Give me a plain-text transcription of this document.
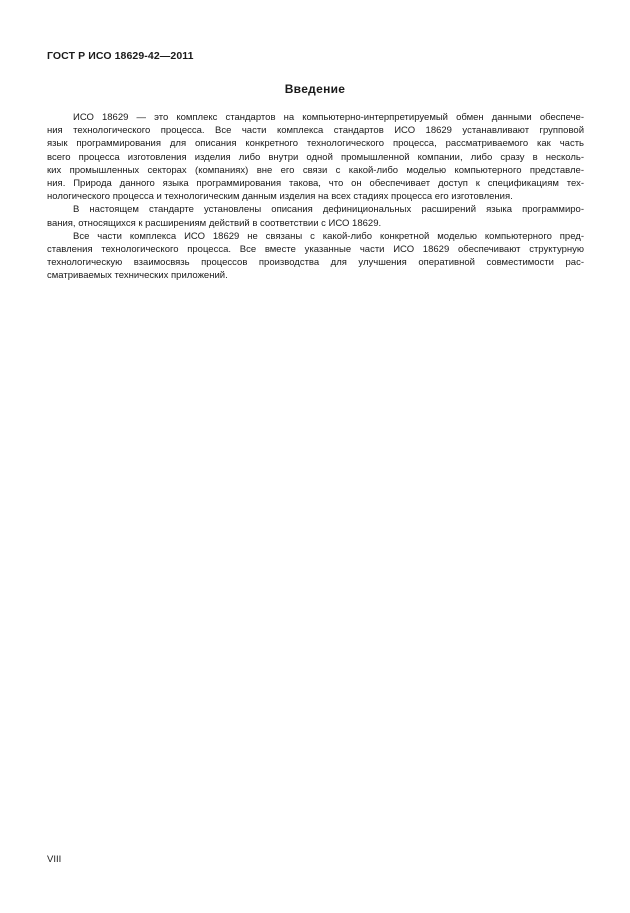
ГОСТ Р ИСО 18629-42—2011
Введение

ИСО 18629 — это комплекс стандартов на компьютерно-интерпретируемый обмен данными обеспече-
ния технологического процесса. Все части комплекса стандартов ИСО 18629 устанавливают групповой
язык программирования для описания конкретного технологического процесса, рассматриваемого как часть
всего процесса изготовления изделия либо внутри одной промышленной компании, либо сразу в несколь-
ких промышленных секторах (компаниях) вне его связи с какой-либо моделью компьютерного представле-
ния. Природа данного языка программирования такова, что он обеспечивает доступ к спецификациям тех-
нологического процесса и технологическим данным изделия на всех стадиях процесса его изготовления.

В настоящем стандарте установлены описания дефинициональных расширений языка программиро-
вания, относящихся к расширениям действий в соответствии с ИСО 18629.

Все части комплекса ИСО 18629 не связаны с какой-либо конкретной моделью компьютерного пред-
ставления технологического процесса. Все вместе указанные части ИСО 18629 обеспечивают структурную
технологическую взаимосвязь процессов производства для улучшения оперативной совместимости рас-
сматриваемых технических приложений.

VIII
